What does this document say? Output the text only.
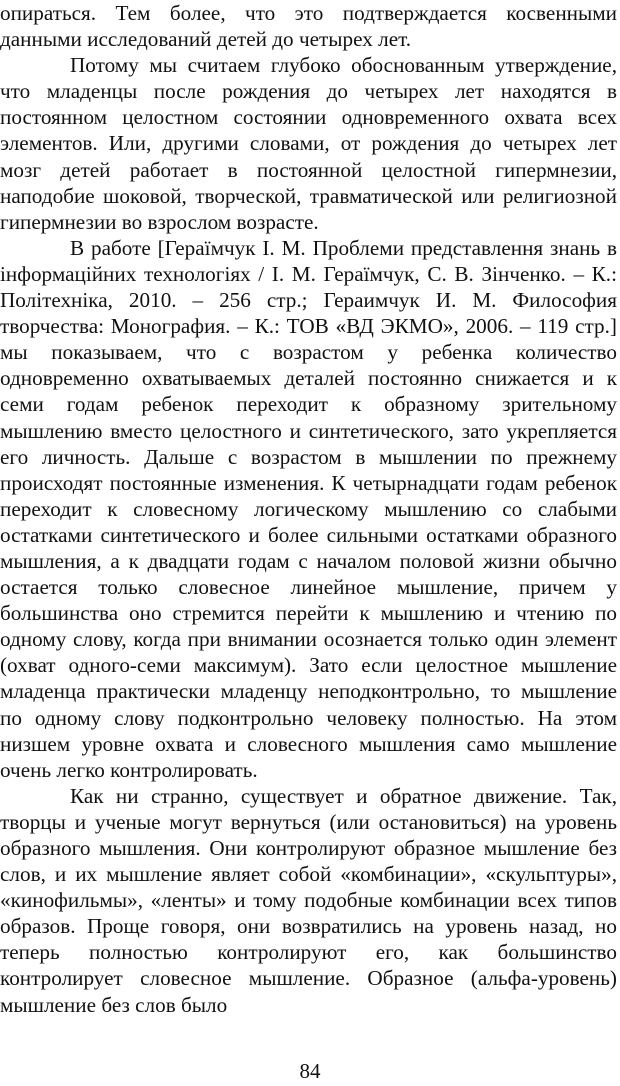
опираться. Тем более, что это подтверждается косвенными данными исследований детей до четырех лет.

Потому мы считаем глубоко обоснованным утверждение, что младенцы после рождения до четырех лет находятся в постоянном целостном состоянии одновременного охвата всех элементов. Или, другими словами, от рождения до четырех лет мозг детей работает в постоянной целостной гипермнезии, наподобие шоковой, творческой, травматической или религиозной гипермнезии во взрослом возрасте.

В работе [Гераїмчук І. М. Проблеми представлення знань в інформаційних технологіях / І. М. Гераїмчук, С. В. Зінченко. – К.: Політехніка, 2010. – 256 стр.; Гераимчук И. М. Философия творчества: Монография. – К.: ТОВ «ВД ЭКМО», 2006. – 119 стр.] мы показываем, что с возрастом у ребенка количество одновременно охватываемых деталей постоянно снижается и к семи годам ребенок переходит к образному зрительному мышлению вместо целостного и синтетического, зато укрепляется его личность. Дальше с возрастом в мышлении по прежнему происходят постоянные изменения. К четырнадцати годам ребенок переходит к словесному логическому мышлению со слабыми остатками синтетического и более сильными остатками образного мышления, а к двадцати годам с началом половой жизни обычно остается только словесное линейное мышление, причем у большинства оно стремится перейти к мышлению и чтению по одному слову, когда при внимании осознается только один элемент (охват одного-семи максимум). Зато если целостное мышление младенца практически младенцу неподконтрольно, то мышление по одному слову подконтрольно человеку полностью. На этом низшем уровне охвата и словесного мышления само мышление очень легко контролировать.

Как ни странно, существует и обратное движение. Так, творцы и ученые могут вернуться (или остановиться) на уровень образного мышления. Они контролируют образное мышление без слов, и их мышление являет собой «комбинации», «скульптуры», «кинофильмы», «ленты» и тому подобные комбинации всех типов образов. Проще говоря, они возвратились на уровень назад, но теперь полностью контролируют его, как большинство контролирует словесное мышление. Образное (альфа-уровень) мышление без слов было

84
